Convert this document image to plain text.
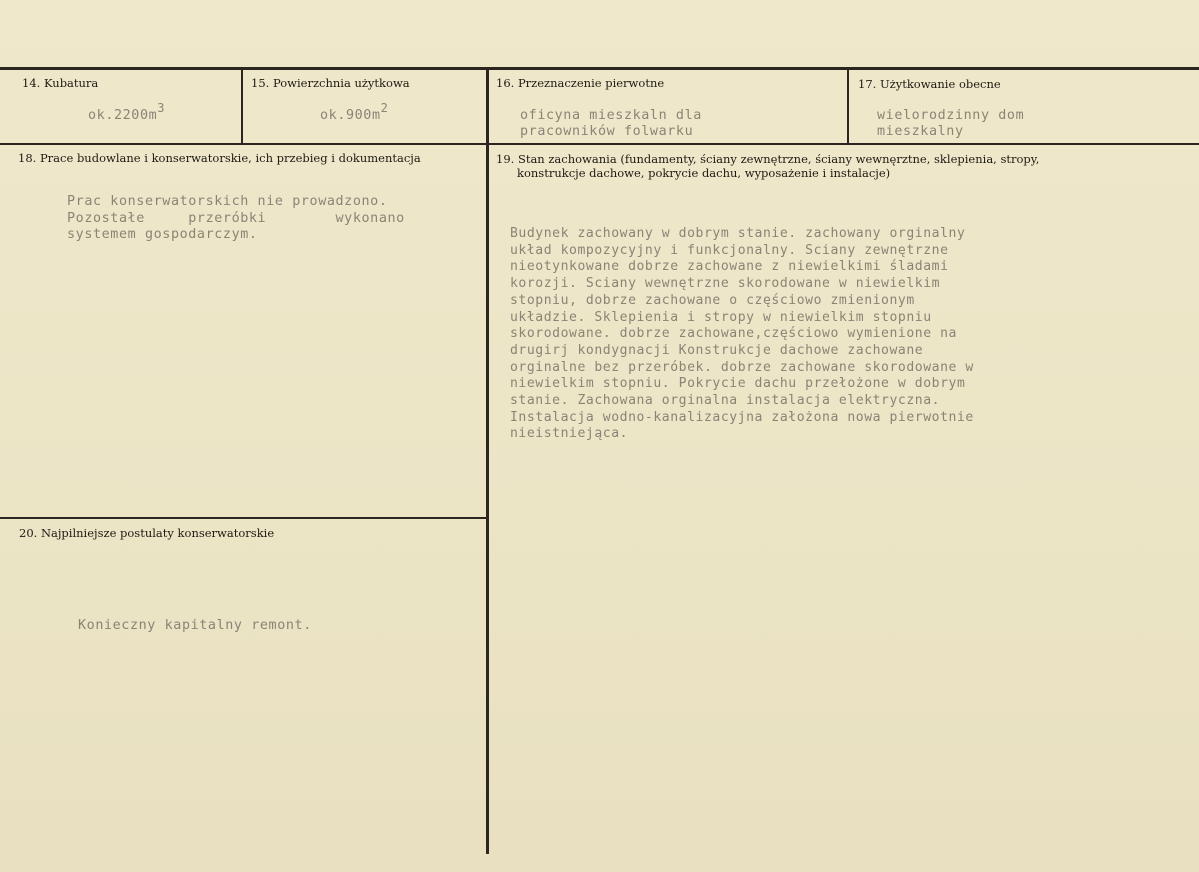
14. Kubatura
ok.2200m3
15. Powierzchnia użytkowa
ok.900m2
16. Przeznaczenie pierwotne
oficyna mieszkaln dla
pracowników folwarku
17. Użytkowanie obecne
wielorodzinny dom
mieszkalny
18. Prace budowlane i konserwatorskie, ich przebieg i dokumentacja
Prac konserwatorskich nie prowadzono.
Pozostałe     przeróbki        wykonano
systemem gospodarczym.
19. Stan zachowania (fundamenty, ściany zewnętrzne, ściany wewnęrztne, sklepienia, stropy,
konstrukcje dachowe, pokrycie dachu, wyposażenie i instalacje)
Budynek zachowany w dobrym stanie. zachowany orginalny
układ kompozycyjny i funkcjonalny. Sciany zewnętrzne
nieotynkowane dobrze zachowane z niewielkimi śladami
korozji. Sciany wewnętrzne skorodowane w niewielkim
stopniu, dobrze zachowane o częściowo zmienionym
układzie. Sklepienia i stropy w niewielkim stopniu
skorodowane. dobrze zachowane,częściowo wymienione na
drugirj kondygnacji Konstrukcje dachowe zachowane
orginalne bez przeróbek. dobrze zachowane skorodowane w
niewielkim stopniu. Pokrycie dachu przełożone w dobrym
stanie. Zachowana orginalna instalacja elektryczna.
Instalacja wodno-kanalizacyjna założona nowa pierwotnie
nieistniejąca.
20. Najpilniejsze postulaty konserwatorskie
Konieczny kapitalny remont.
